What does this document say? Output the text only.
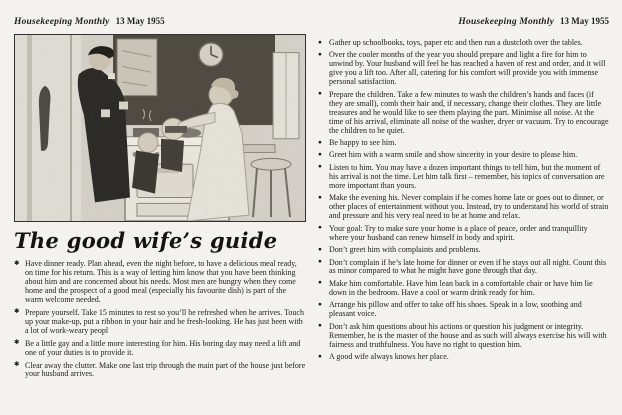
Housekeeping Monthly 13 May 1955
The good wife’s guide
✱ Have dinner ready. Plan ahead, even the night before, to have a delicious meal ready, on time for his return. This is a way of letting him know that you have been thinking about him and are concerned about his needs. Most men are hungry when they come home and the prospect of a good meal (especially his favourite dish) is part of the warm welcome needed.
✱ Prepare yourself. Take 15 minutes to rest so you’ll be refreshed when he arrives. Touch up your make-up, put a ribbon in your hair and be fresh-looking. He has just been with a lot of work-weary peopl
✱ Be a little gay and a little more interesting for him. His boring day may need a lift and one of your duties is to provide it.
✱ Clear away the clutter. Make one last trip through the main part of the house just before your husband arrives.
Housekeeping Monthly 13 May 1955
● Gather up schoolbooks, toys, paper etc and then run a dustcloth over the tables.
● Over the cooler months of the year you should prepare and light a fire for him to unwind by. Your husband will feel he has reached a haven of rest and order, and it will give you a lift too. After all, catering for his comfort will provide you with immense personal satisfaction.
● Prepare the children. Take a few minutes to wash the children’s hands and faces (if they are small), comb their hair and, if necessary, change their clothes. They are little treasures and he would like to see them playing the part. Minimise all noise. At the time of his arrival, eliminate all noise of the washer, dryer or vacuum. Try to encourage the children to be quiet.
● Be happy to see him.
● Greet him with a warm smile and show sincerity in your desire to please him.
● Listen to him. You may have a dozen important things to tell him, but the moment of his arrival is not the time. Let him talk first – remember, his topics of conversation are more important than yours.
● Make the evening his. Never complain if he comes home late or goes out to dinner, or other places of entertainment without you. Instead, try to understand his world of strain and pressure and his very real need to be at home and relax.
● Your goal: Try to make sure your home is a place of peace, order and tranquillity where your husband can renew himself in body and spirit.
● Don’t greet him with complaints and problems.
● Don’t complain if he’s late home for dinner or even if he stays out all night. Count this as minor compared to what he might have gone through that day.
● Make him comfortable. Have him lean back in a comfortable chair or have him lie down in the bedroom. Have a cool or warm drink ready for him.
● Arrange his pillow and offer to take off his shoes. Speak in a low, soothing and pleasant voice.
● Don’t ask him questions about his actions or question his judgment or integrity. Remember, he is the master of the house and as such will always exercise his will with fairness and truthfulness. You have no right to question him.
● A good wife always knows her place.
